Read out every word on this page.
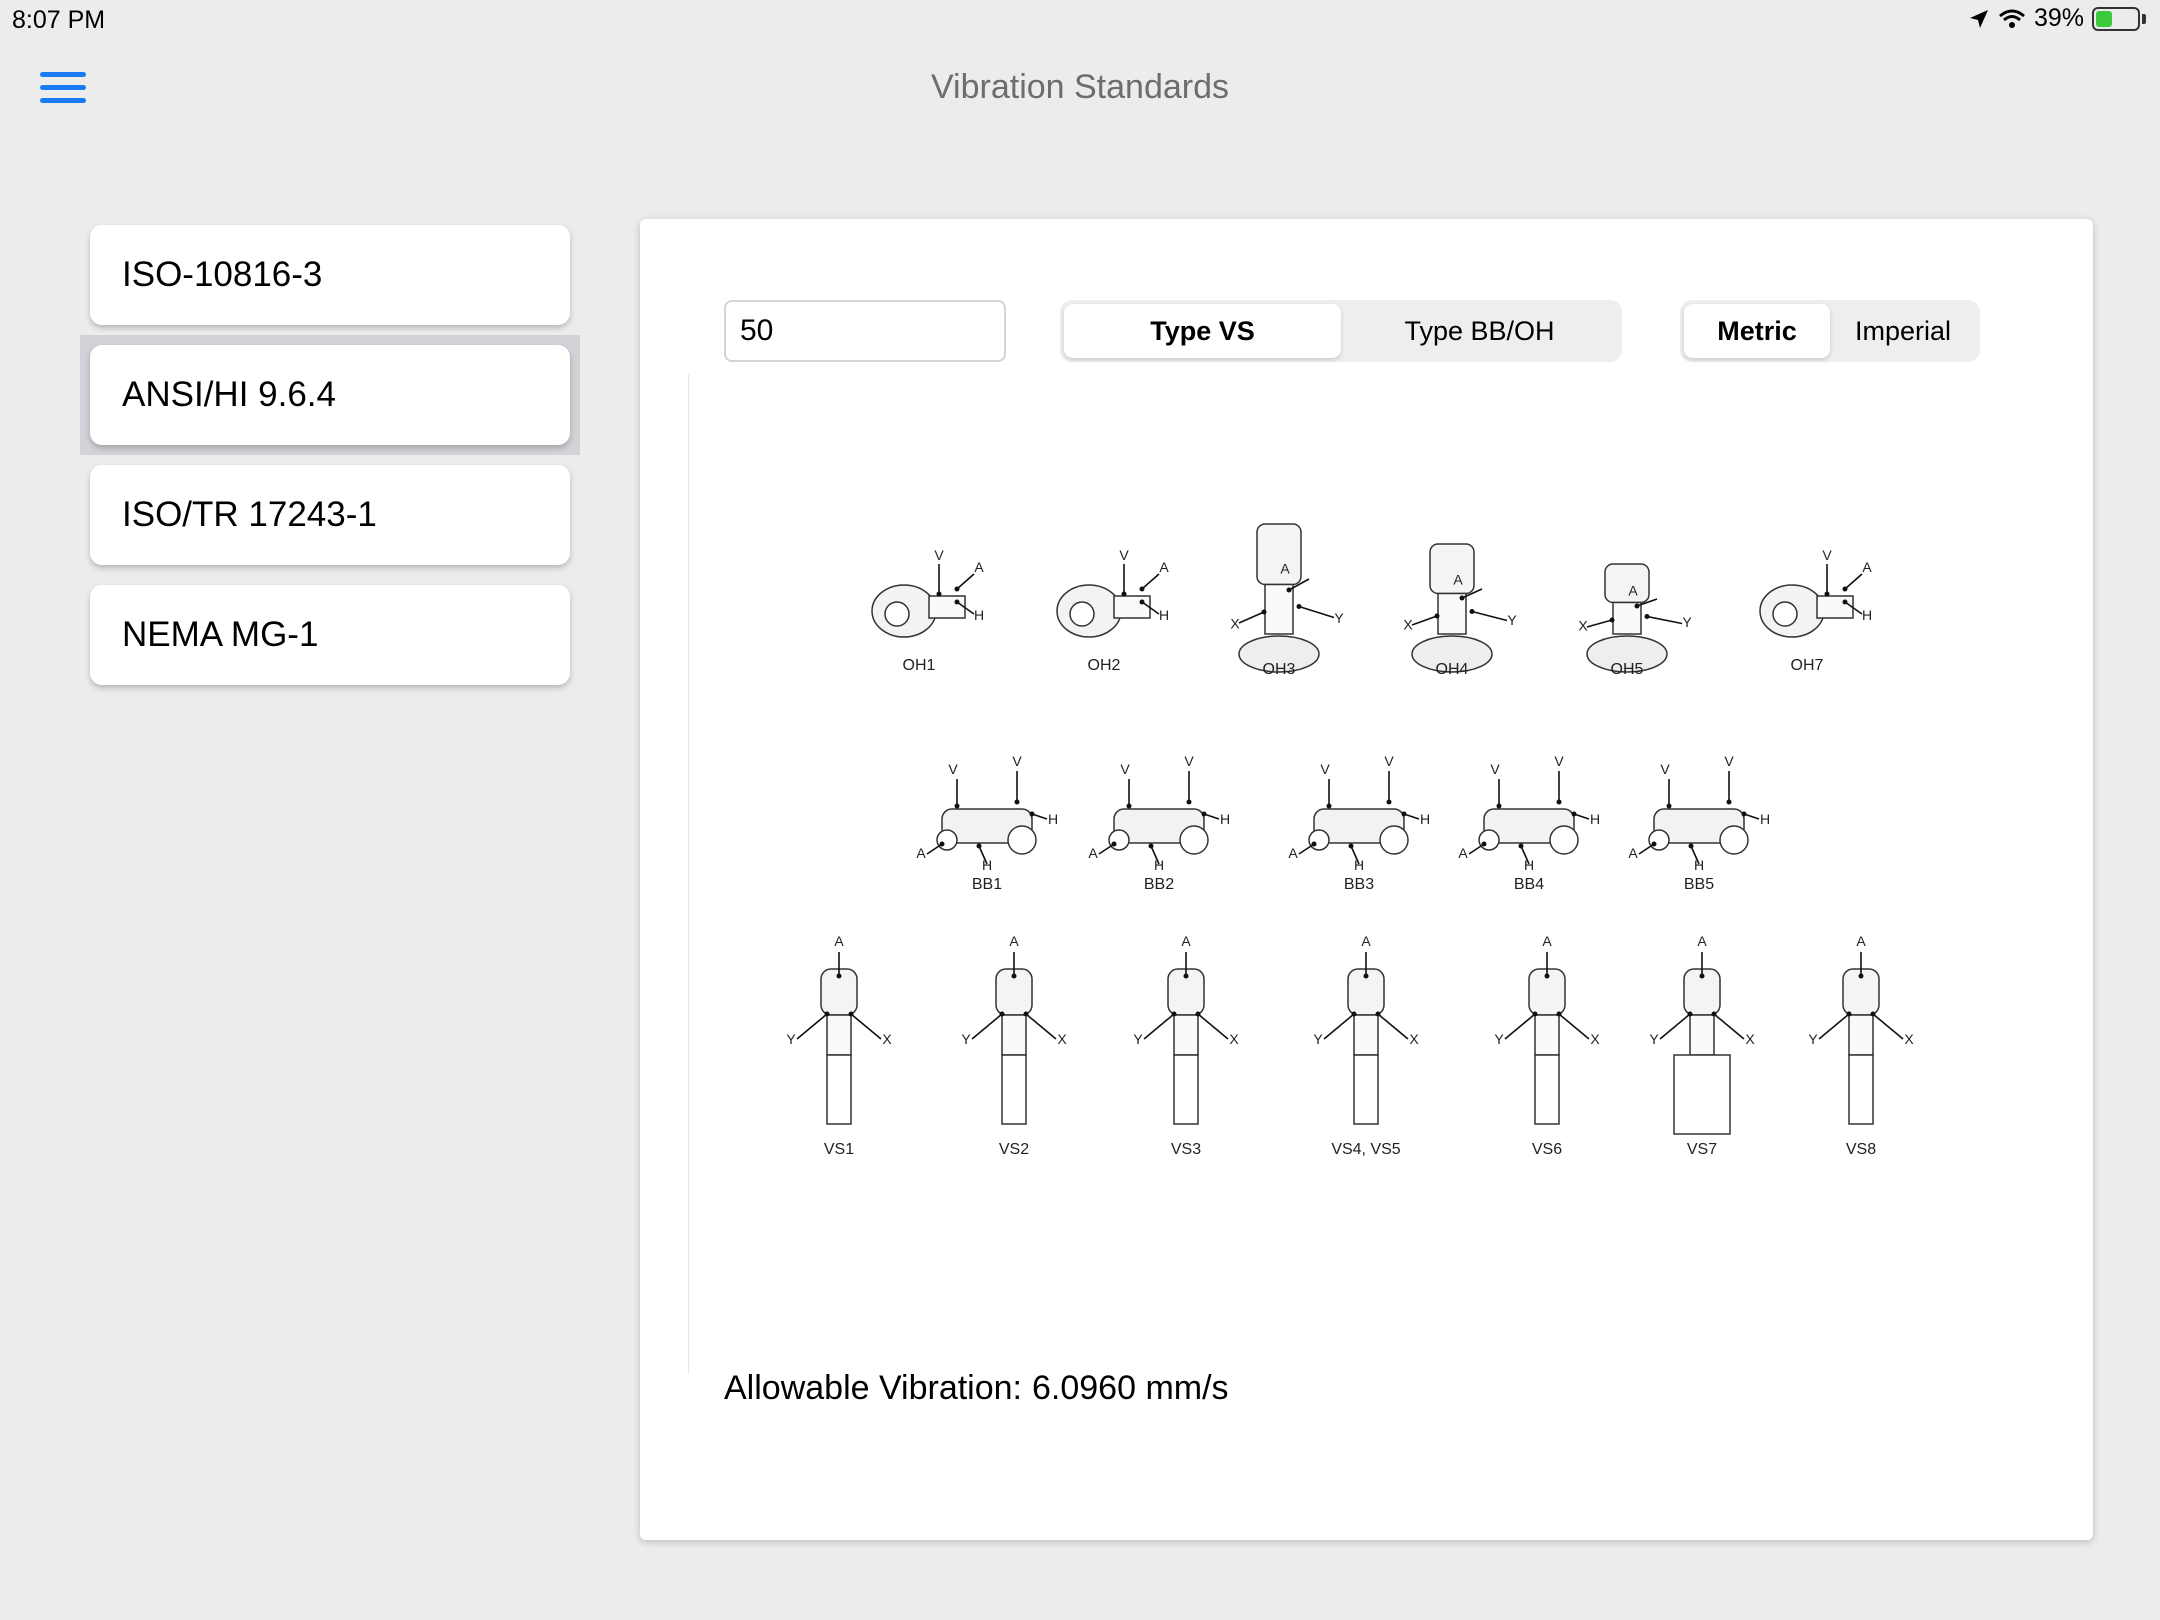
8:07 PM	39%
Vibration Standards
ISO-10816-3
ANSI/HI 9.6.4
ISO/TR 17243-1
NEMA MG-1
50
Type VS	Type BB/OH	Metric	Imperial
V
A
H
OH1
V
A
H
OH2
A
Y
X
OH3
A
Y
X
OH4
A
Y
X
OH5
V
A
H
OH7
V	V
H
A
H
BB1
V	V
H
A
H
BB2
V	V
H
A
H
BB3
V	V
H
A
H
BB4
V	V
H
A
H
BB5
A
Y	X
VS1
A
Y	X
VS2
A
Y	X
VS3
A
Y	X
VS4, VS5
A
Y	X
VS6
A
Y	X
VS7
A
Y	X
VS8
Allowable Vibration: 6.0960 mm/s
